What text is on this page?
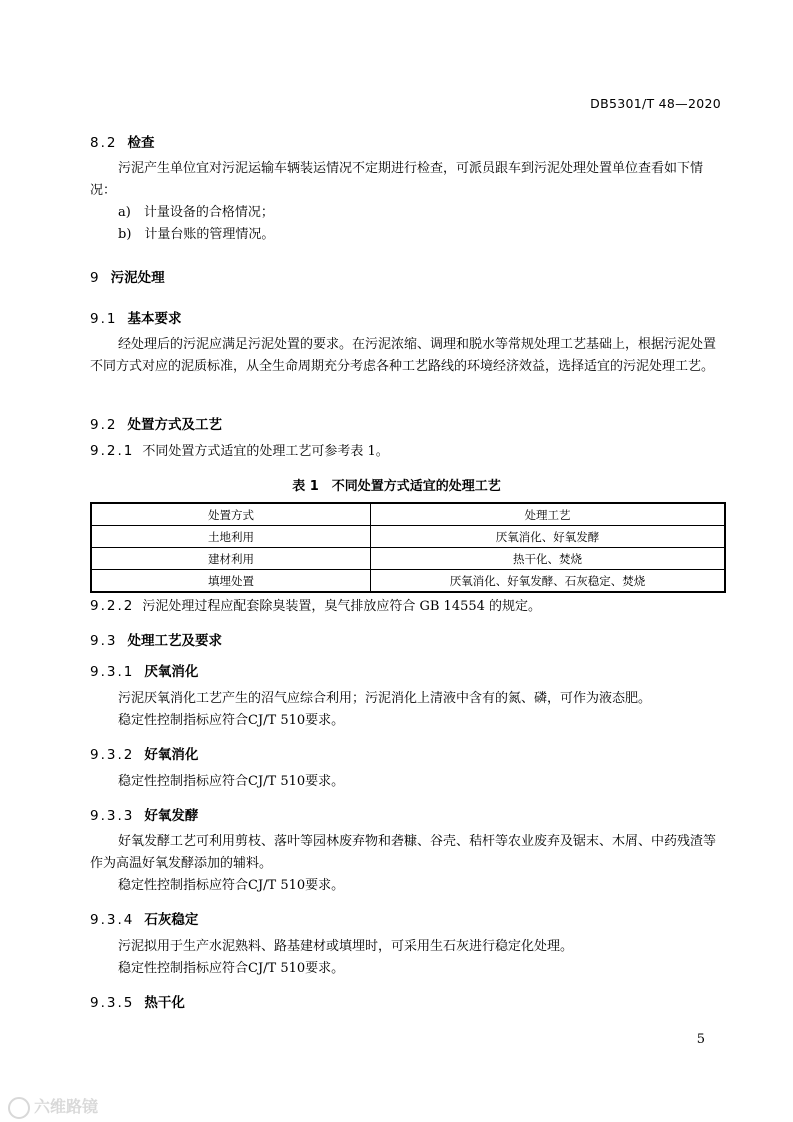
DB5301/T 48—2020
8.2 检查
污泥产生单位宜对污泥运输车辆装运情况不定期进行检查，可派员跟车到污泥处理处置单位查看如下情况：
a)　计量设备的合格情况；
b)　计量台账的管理情况。
9 污泥处理
9.1 基本要求
经处理后的污泥应满足污泥处置的要求。在污泥浓缩、调理和脱水等常规处理工艺基础上，根据污泥处置不同方式对应的泥质标准，从全生命周期充分考虑各种工艺路线的环境经济效益，选择适宜的污泥处理工艺。
9.2 处置方式及工艺
9.2.1 不同处置方式适宜的处理工艺可参考表 1。
表 1　不同处置方式适宜的处理工艺
处置方式	处理工艺
土地利用	厌氧消化、好氧发酵
建材利用	热干化、焚烧
填埋处置	厌氧消化、好氧发酵、石灰稳定、焚烧
9.2.2 污泥处理过程应配套除臭装置，臭气排放应符合 GB 14554 的规定。
9.3 处理工艺及要求
9.3.1 厌氧消化
污泥厌氧消化工艺产生的沼气应综合利用；污泥消化上清液中含有的氮、磷，可作为液态肥。
稳定性控制指标应符合CJ/T 510要求。
9.3.2 好氧消化
稳定性控制指标应符合CJ/T 510要求。
9.3.3 好氧发酵
好氧发酵工艺可利用剪枝、落叶等园林废弃物和砻糠、谷壳、秸杆等农业废弃及锯末、木屑、中药残渣等作为高温好氧发酵添加的辅料。
稳定性控制指标应符合CJ/T 510要求。
9.3.4 石灰稳定
污泥拟用于生产水泥熟料、路基建材或填埋时，可采用生石灰进行稳定化处理。
稳定性控制指标应符合CJ/T 510要求。
9.3.5 热干化
5
六维路镜
